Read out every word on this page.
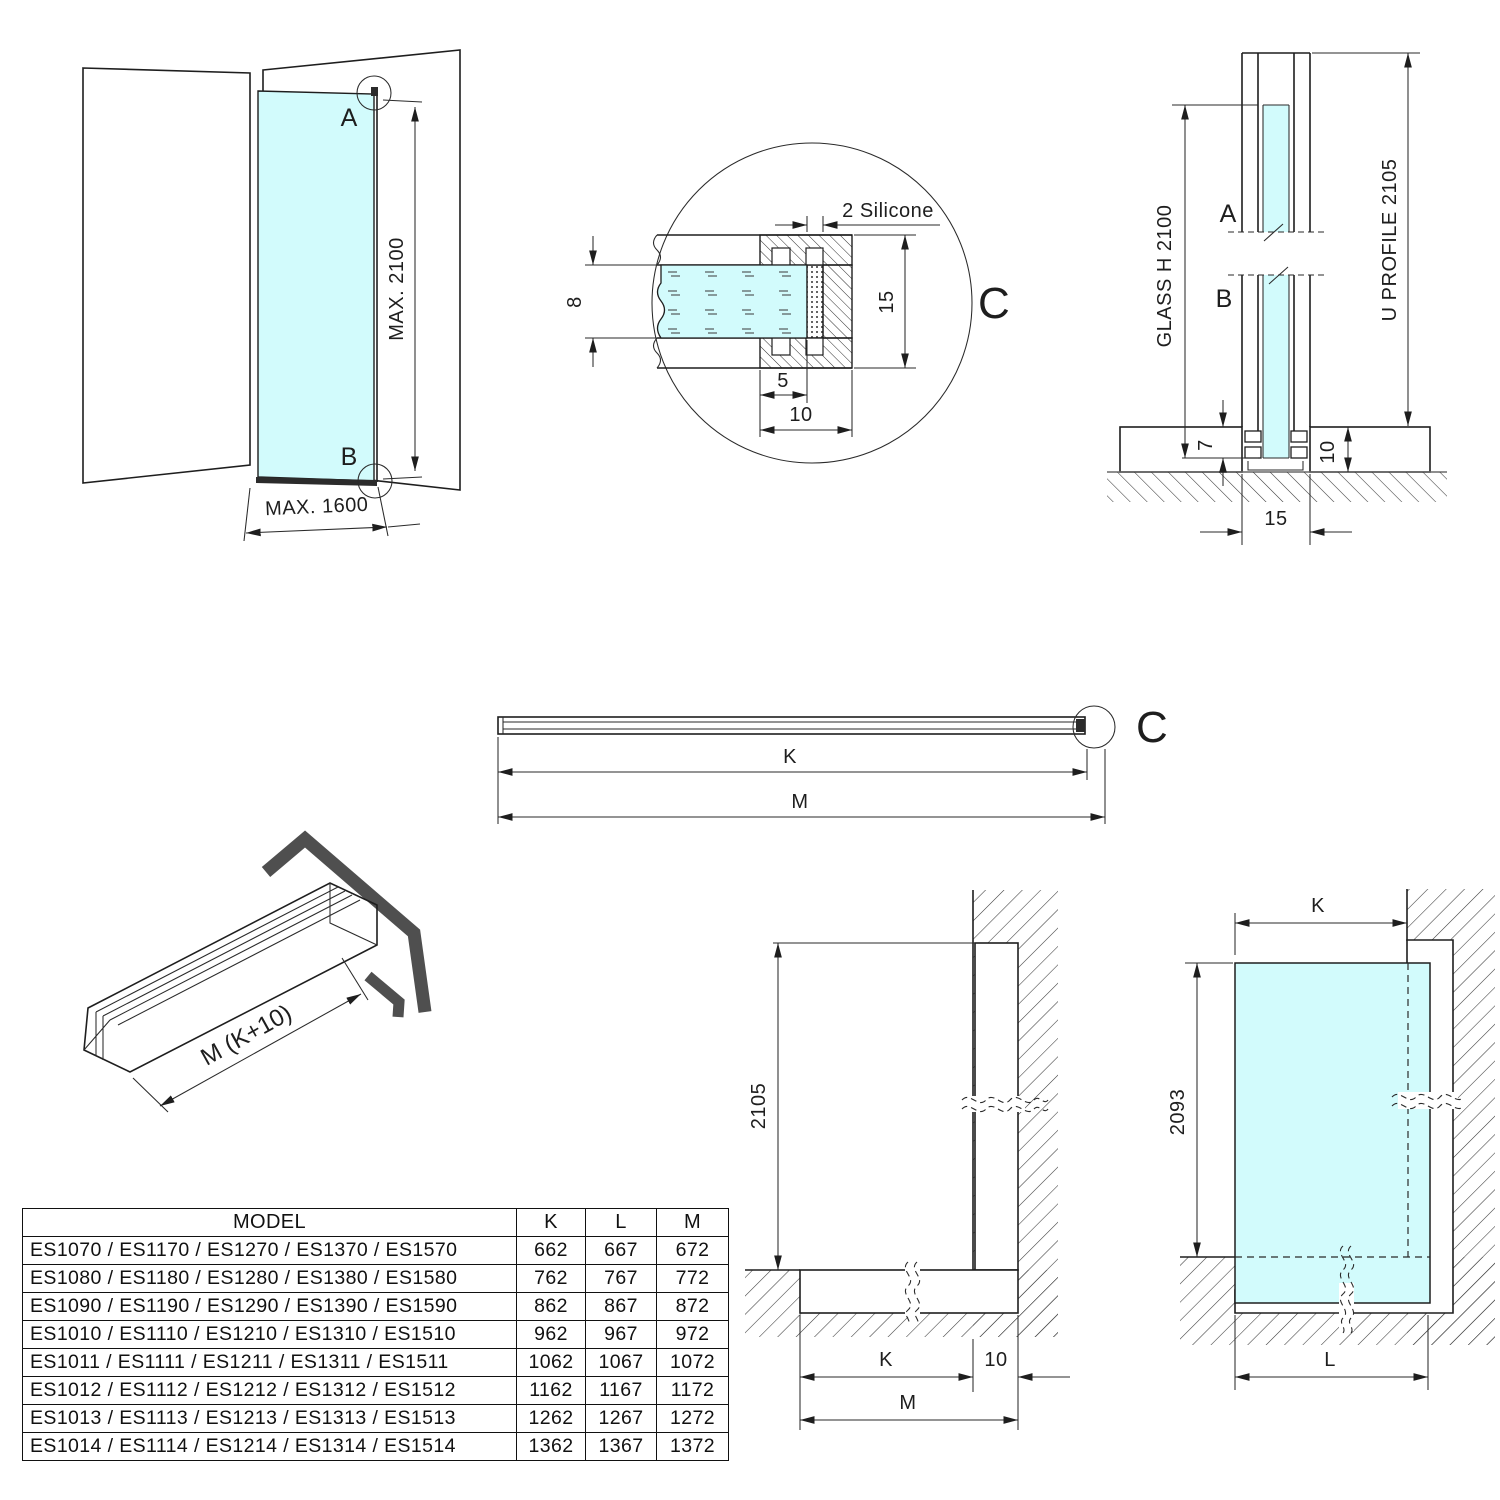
A
B
MAX. 2100
MAX. 1600
2 Silicone
8	15
5
10
C
A
B
GLASS H 2100	U PROFILE 2105
7	10
15
C
K
M
M (K+10)
2105
K	10
M
K
2093
L
MODEL	K	L	M
ES1070 / ES1170 / ES1270 / ES1370 / ES1570	662	667	672
ES1080 / ES1180 / ES1280 / ES1380 / ES1580	762	767	772
ES1090 / ES1190 / ES1290 / ES1390 / ES1590	862	867	872
ES1010 / ES1110 / ES1210 / ES1310 / ES1510	962	967	972
ES1011 / ES1111 / ES1211 / ES1311 / ES1511	1062	1067	1072
ES1012 / ES1112 / ES1212 / ES1312 / ES1512	1162	1167	1172
ES1013 / ES1113 / ES1213 / ES1313 / ES1513	1262	1267	1272
ES1014 / ES1114 / ES1214 / ES1314 / ES1514	1362	1367	1372
